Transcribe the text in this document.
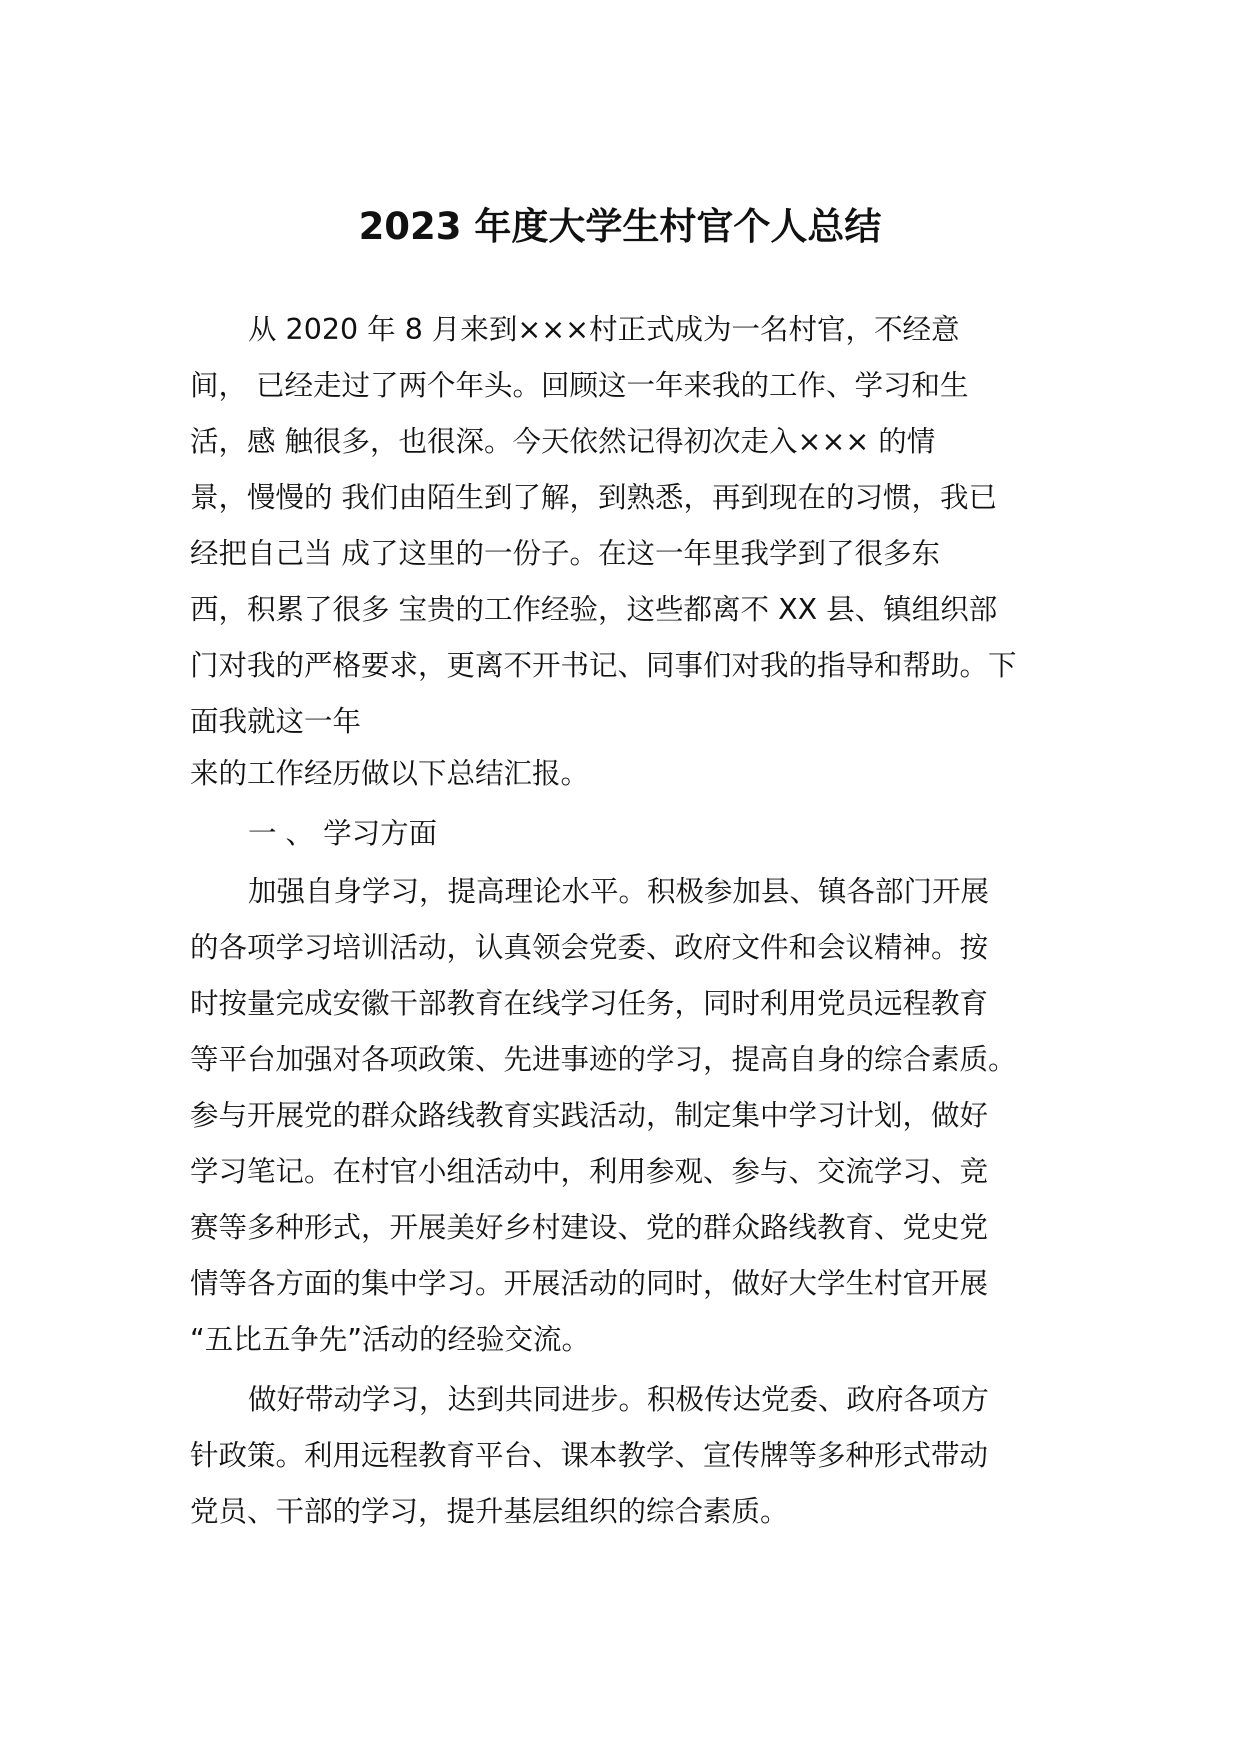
2023 年度大学生村官个人总结
从 2020 年 8 月来到×××村正式成为一名村官，不经意
间， 已经走过了两个年头。回顾这一年来我的工作、学习和生
活，感 触很多，也很深。今天依然记得初次走入××× 的情
景，慢慢的 我们由陌生到了解，到熟悉，再到现在的习惯，我已
经把自己当 成了这里的一份子。在这一年里我学到了很多东
西，积累了很多 宝贵的工作经验，这些都离不 XX 县、镇组织部
门对我的严格要求，更离不开书记、同事们对我的指导和帮助。下
面我就这一年
来的工作经历做以下总结汇报。
一 、 学习方面
加强自身学习，提高理论水平。积极参加县、镇各部门开展
的各项学习培训活动，认真领会党委、政府文件和会议精神。按
时按量完成安徽干部教育在线学习任务，同时利用党员远程教育
等平台加强对各项政策、先进事迹的学习，提高自身的综合素质。
参与开展党的群众路线教育实践活动，制定集中学习计划，做好
学习笔记。在村官小组活动中，利用参观、参与、交流学习、竞
赛等多种形式，开展美好乡村建设、党的群众路线教育、党史党
情等各方面的集中学习。开展活动的同时，做好大学生村官开展
“五比五争先”活动的经验交流。
做好带动学习，达到共同进步。积极传达党委、政府各项方
针政策。利用远程教育平台、课本教学、宣传牌等多种形式带动
党员、干部的学习，提升基层组织的综合素质。
